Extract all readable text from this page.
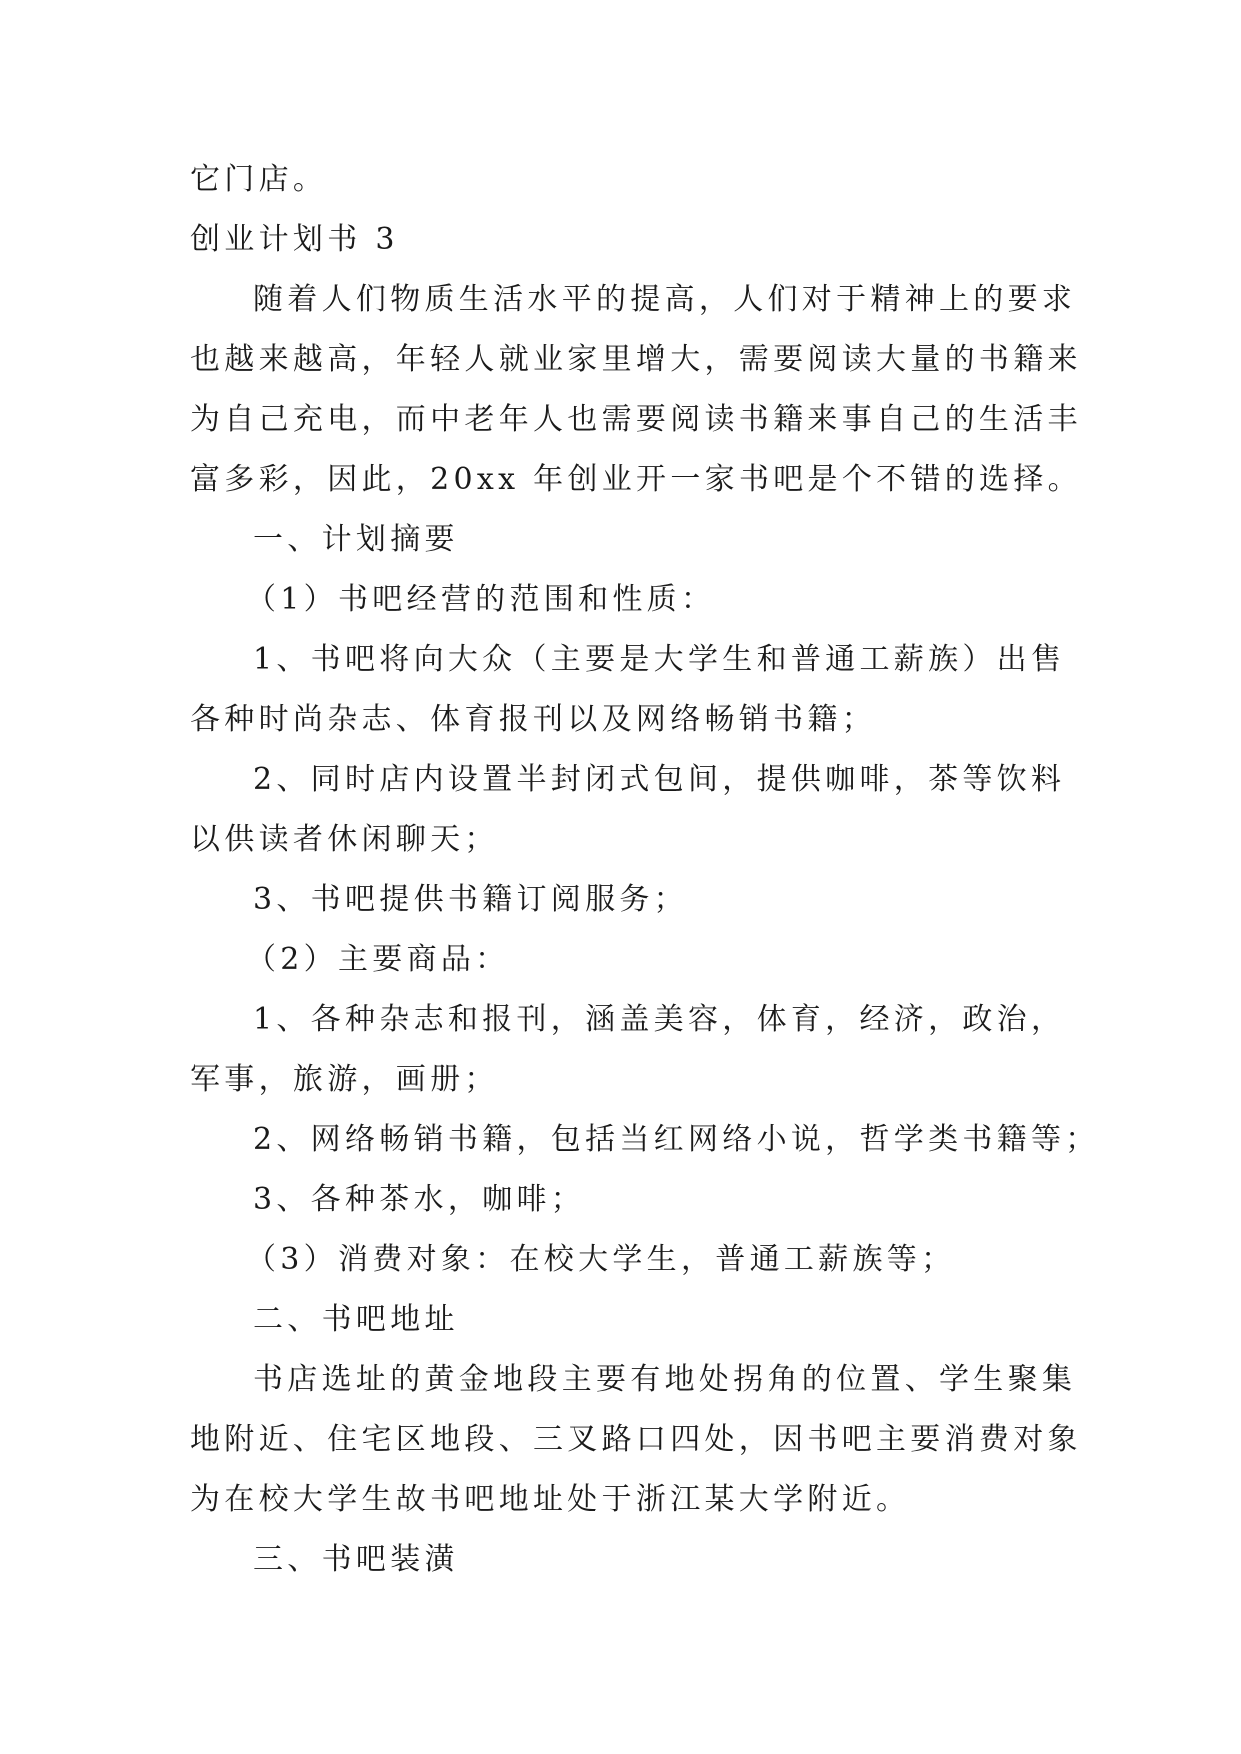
它门店。
创业计划书 3
随着人们物质生活水平的提高，人们对于精神上的要求
也越来越高，年轻人就业家里增大，需要阅读大量的书籍来
为自己充电，而中老年人也需要阅读书籍来事自己的生活丰
富多彩，因此，20xx 年创业开一家书吧是个不错的选择。
一、计划摘要
（1）书吧经营的范围和性质：
1、书吧将向大众（主要是大学生和普通工薪族）出售
各种时尚杂志、体育报刊以及网络畅销书籍；
2、同时店内设置半封闭式包间，提供咖啡，茶等饮料
以供读者休闲聊天；
3、书吧提供书籍订阅服务；
（2）主要商品：
1、各种杂志和报刊，涵盖美容，体育，经济，政治，
军事，旅游，画册；
2、网络畅销书籍，包括当红网络小说，哲学类书籍等；
3、各种茶水，咖啡；
（3）消费对象：在校大学生，普通工薪族等；
二、书吧地址
书店选址的黄金地段主要有地处拐角的位置、学生聚集
地附近、住宅区地段、三叉路口四处，因书吧主要消费对象
为在校大学生故书吧地址处于浙江某大学附近。
三、书吧装潢
